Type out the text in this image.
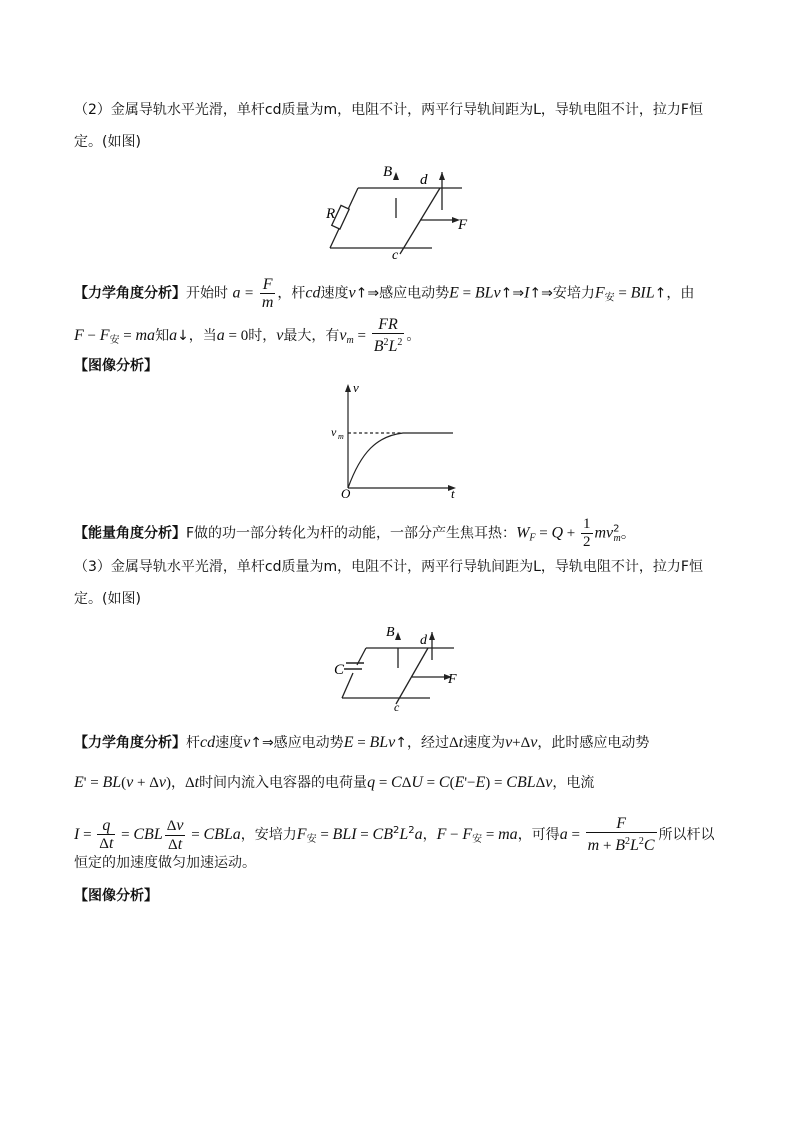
（2）金属导轨水平光滑，单杆cd质量为m，电阻不计，两平行导轨间距为L，导轨电阻不计，拉力F恒
定。(如图)
R
B d
F
c
【力学角度分析】开始时 $a = \frac{F}{m}$ ，杆cd速度v↑⇒感应电动势E = BLv↑⇒I↑⇒安培力$F_安$ = BIL↑，由
$F - F_安$ = ma知a↓，当a = 0时，v最大，有$v_m = \frac{FR}{B^2L^2}$ 。
【图像分析】
v
v m
O	t
【能量角度分析】F做的功一部分转化为杆的动能，一部分产生焦耳热：$W_F = Q + \frac{1}{2} mv^2_m$。
（3）金属导轨水平光滑，单杆cd质量为m，电阻不计，两平行导轨间距为L，导轨电阻不计，拉力F恒
定。(如图)
C
B
d
F
c
【力学角度分析】杆cd速度v↑⇒感应电动势E = BLv↑，经过Δt速度为v+Δv，此时感应电动势
E' = BL(v + Δv)，Δt时间内流入电容器的电荷量q = CΔU = C(E'−E) = CBLΔv，电流
$I = \frac{q}{\Delta t}$ = CBL $\frac{\Delta v}{\Delta t}$ = CBLa，安培力$F_安$ = BLI = $CB^2L^2a$，$F - F_安$ = ma，可得$a = \frac{F}{m + B^2L^2C}$ 所以杆以
恒定的加速度做匀加速运动。
【图像分析】
